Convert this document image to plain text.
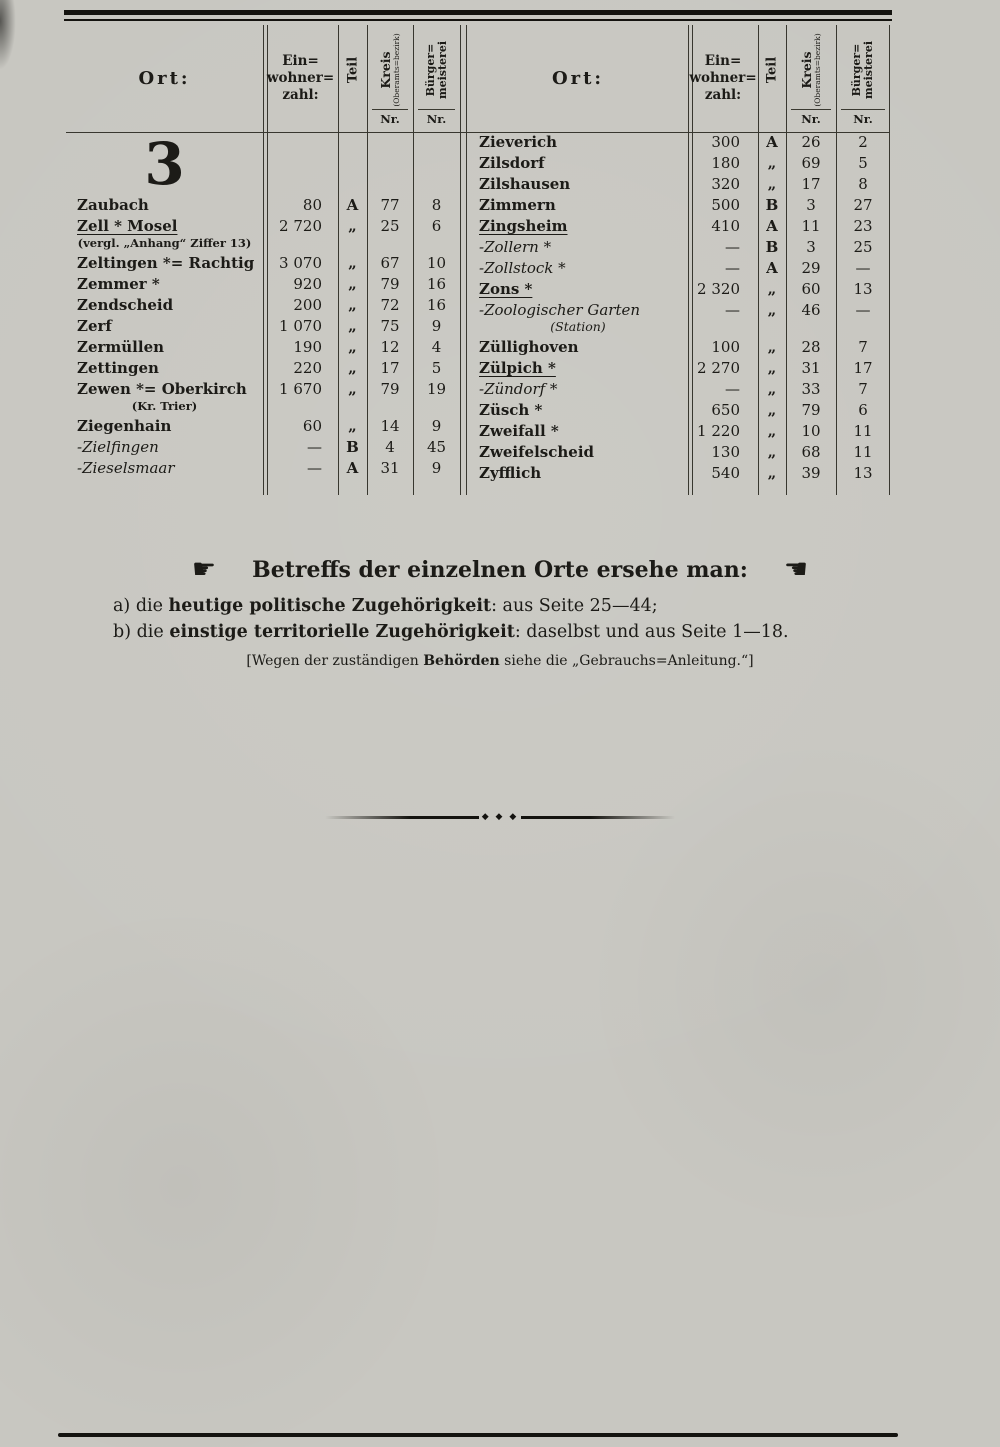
Ort:
Ein=
wohner=
zahl:
Teil Kreis
(Oberamts=bezirk)
Nr.
Bürger= meisterei
Nr.
3
Zaubach	80	A	77	8
Zell * Mosel	2 720	„	25	6
(vergl. „Anhang“ Ziffer 13)
Zeltingen *= Rachtig	3 070	„	67	10
Zemmer *	920	„	79	16
Zendscheid	200	„	72	16
Zerf	1 070	„	75	9
Zermüllen	190	„	12	4
Zettingen	220	„	17	5
Zewen *= Oberkirch	1 670	„	79	19
(Kr. Trier)
Ziegenhain	60	„	14	9
-Zielfingen	—	B	4	45
-Zieselsmaar	—	A	31	9
Ort:
Ein=
wohner=
zahl:
Teil Kreis
(Oberamts=bezirk)
Nr.
Bürger= meisterei
Nr.
Zieverich	300	A	26	2
Zilsdorf	180	„	69	5
Zilshausen	320	„	17	8
Zimmern	500	B	3	27
Zingsheim	410	A	11	23
-Zollern *	—	B	3	25
-Zollstock *	—	A	29	—
Zons *	2 320	„	60	13
-Zoologischer Garten	—	„	46	—
(Station)
Züllighoven	100	„	28	7
Zülpich *	2 270	„	31	17
-Zündorf *	—	„	33	7
Züsch *	650	„	79	6
Zweifall *	1 220	„	10	11
Zweifelscheid	130	„	68	11
Zyfflich	540	„	39	13
☛ Betreffs der einzelnen Orte ersehe man: ☚
a) die heutige politische Zugehörigkeit: aus Seite 25—44;
b) die einstige territorielle Zugehörigkeit: daselbst und aus Seite 1—18.
[Wegen der zuständigen Behörden siehe die „Gebrauchs=Anleitung.“]
◆ ◆ ◆
